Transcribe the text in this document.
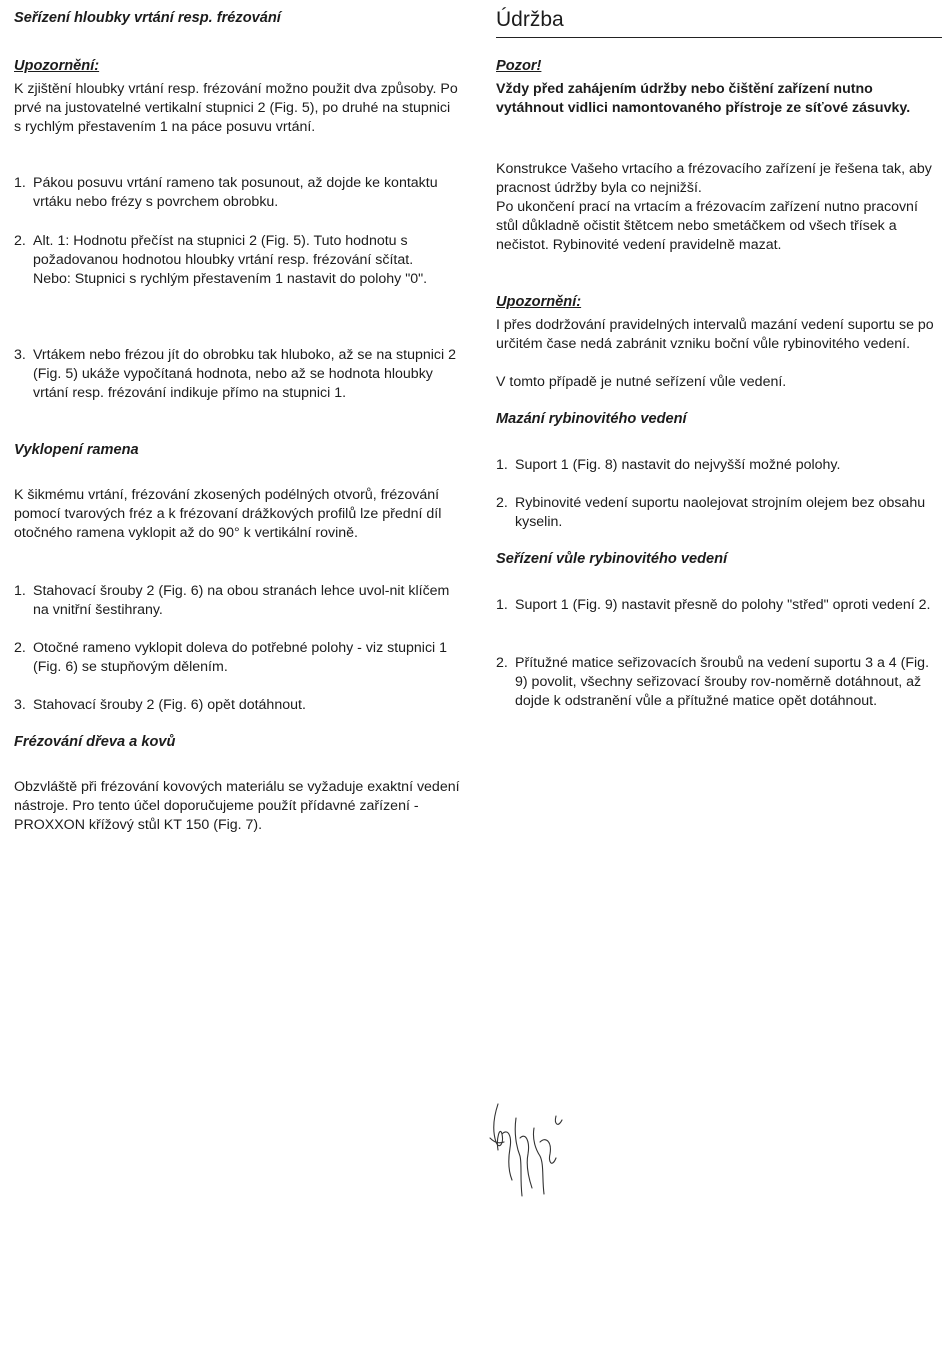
Seřízení hloubky vrtání resp. frézování

Upozornění:

K zjištění hloubky vrtání resp. frézování možno použit dva způsoby. Po prvé na justovatelné vertikalní stupnici 2 (Fig. 5), po druhé na stupnici s rychlým přestavením 1 na páce posuvu vrtání.

1. Pákou posuvu vrtání rameno tak posunout, až dojde ke kontaktu vrtáku nebo frézy s povrchem obrobku.
2. Alt. 1: Hodnotu přečíst na stupnici 2 (Fig. 5). Tuto hodnotu s požadovanou hodnotou hloubky vrtání resp. frézování sčítat.
Nebo: Stupnici s rychlým přestavením 1 nastavit do polohy "0".
3. Vrtákem nebo frézou jít do obrobku tak hluboko, až se na stupnici 2 (Fig. 5) ukáže vypočítaná hodnota, nebo až se hodnota hloubky vrtání resp. frézování indikuje přímo na stupnici 1.

Vyklopení ramena

K šikmému vrtání, frézování zkosených podélných otvorů, frézování pomocí tvarových fréz a k frézovaní drážkových profilů lze přední díl otočného ramena vyklopit až do 90° k vertikální rovině.

1. Stahovací šrouby 2 (Fig. 6) na obou stranách lehce uvol-nit klíčem na vnitřní šestihrany.
2. Otočné rameno vyklopit doleva do potřebné polohy - viz stupnici 1 (Fig. 6) se stupňovým dělením.
3. Stahovací šrouby 2 (Fig. 6) opět dotáhnout.

Frézování dřeva a kovů

Obzvláště při frézování kovových materiálu se vyžaduje exaktní vedení nástroje. Pro tento účel doporučujeme použít přídavné zařízení - PROXXON křížový stůl KT 150 (Fig. 7).

Údržba

Pozor!

Vždy před zahájením údržby nebo čištění zařízení nutno vytáhnout vidlici namontovaného přístroje ze síťové zásuvky.

Konstrukce Vašeho vrtacího a frézovacího zařízení je řešena tak, aby pracnost údržby byla co nejnižší.

Po ukončení prací na vrtacím a frézovacím zařízení nutno pracovní stůl důkladně očistit štětcem nebo smetáčkem od všech třísek a nečistot. Rybinovité vedení pravidelně mazat.

Upozornění:

I přes dodržování pravidelných intervalů mazání vedení suportu se po určitém čase nedá zabránit vzniku boční vůle rybinovitého vedení.

V tomto případě je nutné seřízení vůle vedení.

Mazání rybinovitého vedení

1. Suport 1 (Fig. 8) nastavit do nejvyšší možné polohy.
2. Rybinovité vedení suportu naolejovat strojním olejem bez obsahu kyselin.

Seřízení vůle rybinovitého vedení

1. Suport 1 (Fig. 9) nastavit přesně do polohy "střed" oproti vedení 2.
2. Přítužné matice seřizovacích šroubů na vedení suportu 3 a 4 (Fig. 9) povolit, všechny seřizovací šrouby rov-noměrně dotáhnout, až dojde k odstranění vůle a přítužné matice opět dotáhnout.
